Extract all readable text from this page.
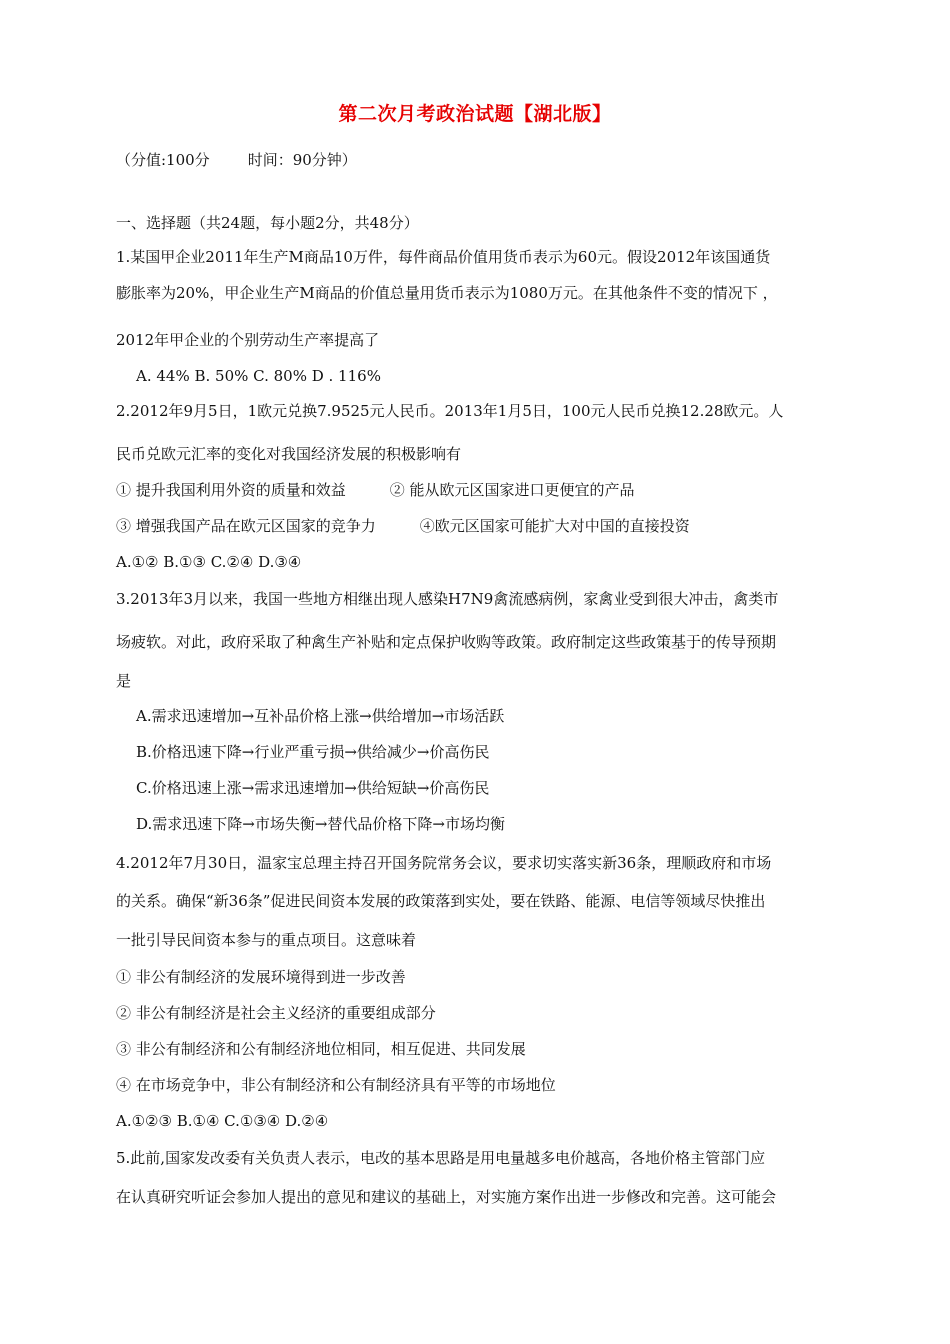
第二次月考政治试题【湖北版】
（分值:100分	时间：90分钟）
一、选择题（共24题，每小题2分，共48分）
1.某国甲企业2011年生产M商品10万件，每件商品价值用货币表示为60元。假设2012年该国通货
膨胀率为20%，甲企业生产M商品的价值总量用货币表示为1080万元。在其他条件不变的情况下 ，
2012年甲企业的个别劳动生产率提高了
A. 44% B. 50% C. 80% D . 116%
2.2012年9月5日，1欧元兑换7.9525元人民币。2013年1月5日，100元人民币兑换12.28欧元。人
民币兑欧元汇率的变化对我国经济发展的积极影响有
① 提升我国利用外资的质量和效益	② 能从欧元区国家进口更便宜的产品
③ 增强我国产品在欧元区国家的竞争力	④欧元区国家可能扩大对中国的直接投资
A.①② B.①③ C.②④ D.③④
3.2013年3月以来，我国一些地方相继出现人感染H7N9禽流感病例，家禽业受到很大冲击，禽类市
场疲软。对此，政府采取了种禽生产补贴和定点保护收购等政策。政府制定这些政策基于的传导预期
是
A.需求迅速增加→互补品价格上涨→供给增加→市场活跃
B.价格迅速下降→行业严重亏损→供给减少→价高伤民
C.价格迅速上涨→需求迅速增加→供给短缺→价高伤民
D.需求迅速下降→市场失衡→替代品价格下降→市场均衡
4.2012年7月30日，温家宝总理主持召开国务院常务会议，要求切实落实新36条，理顺政府和市场
的关系。确保“新36条”促进民间资本发展的政策落到实处，要在铁路、能源、电信等领域尽快推出
一批引导民间资本参与的重点项目。这意味着
① 非公有制经济的发展环境得到进一步改善
② 非公有制经济是社会主义经济的重要组成部分
③ 非公有制经济和公有制经济地位相同，相互促进、共同发展
④ 在市场竞争中，非公有制经济和公有制经济具有平等的市场地位
A.①②③ B.①④ C.①③④ D.②④
5.此前,国家发改委有关负责人表示，电改的基本思路是用电量越多电价越高，各地价格主管部门应
在认真研究听证会参加人提出的意见和建议的基础上，对实施方案作出进一步修改和完善。这可能会
